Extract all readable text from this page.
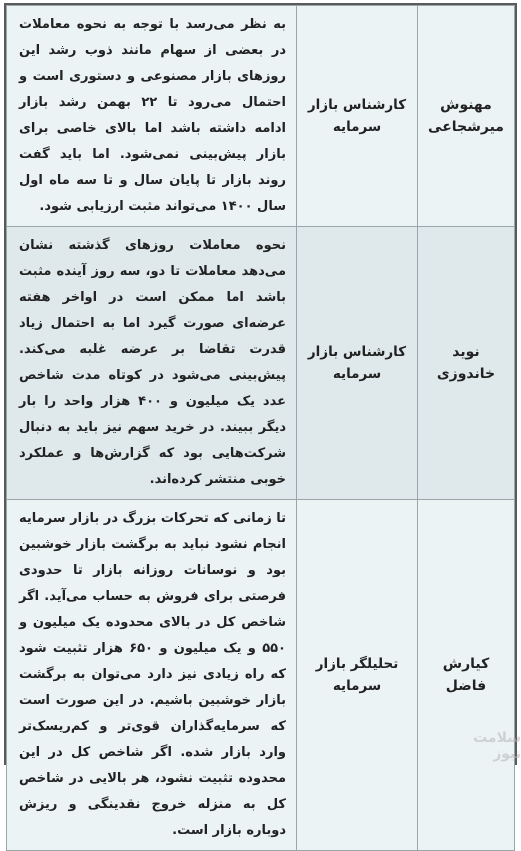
مهنوش میرشجاعی	کارشناس بازار سرمایه	به نظر می‌رسد با توجه به نحوه معاملات در بعضی از سهام مانند ذوب رشد این روزهای بازار مصنوعی و دستوری است و احتمال می‌رود تا ۲۲ بهمن رشد بازار ادامه داشته باشد اما بالای خاصی برای بازار پیش‌بینی نمی‌شود. اما باید گفت روند بازار تا پایان سال و تا سه ماه اول سال ۱۴۰۰ می‌تواند مثبت ارزیابی شود.
نوید خاندوزی	کارشناس بازار سرمایه	نحوه معاملات روزهای گذشته نشان می‌دهد معاملات تا دو، سه روز آینده مثبت باشد اما ممکن است در اواخر هفته عرضه‌ای صورت گیرد اما به احتمال زیاد قدرت تقاضا بر عرضه غلبه می‌کند. پیش‌بینی می‌شود در کوتاه مدت شاخص عدد یک میلیون و ۴۰۰ هزار واحد را بار دیگر ببیند. در خرید سهم نیز باید به دنبال شرکت‌هایی بود که گزارش‌ها و عملکرد خوبی منتشر کرده‌اند.
کیارش فاضل	تحلیلگر بازار سرمایه	تا زمانی که تحرکات بزرگ در بازار سرمایه انجام نشود نباید به برگشت بازار خوشبین بود و نوسانات روزانه بازار تا حدودی فرصتی برای فروش به حساب می‌آید. اگر شاخص کل در بالای محدوده یک میلیون و ۵۵۰ و یک میلیون و ۶۵۰ هزار تثبیت شود که راه زیادی نیز دارد می‌توان به برگشت بازار خوشبین باشیم. در این صورت است که سرمایه‌گذاران قوی‌تر و کم‌ریسک‌تر وارد بازار شده. اگر شاخص کل در این محدوده تثبیت نشود، هر بالایی در شاخص کل به منزله خروج نقدینگی و ریزش دوباره بازار است.
سلامت نیوز
